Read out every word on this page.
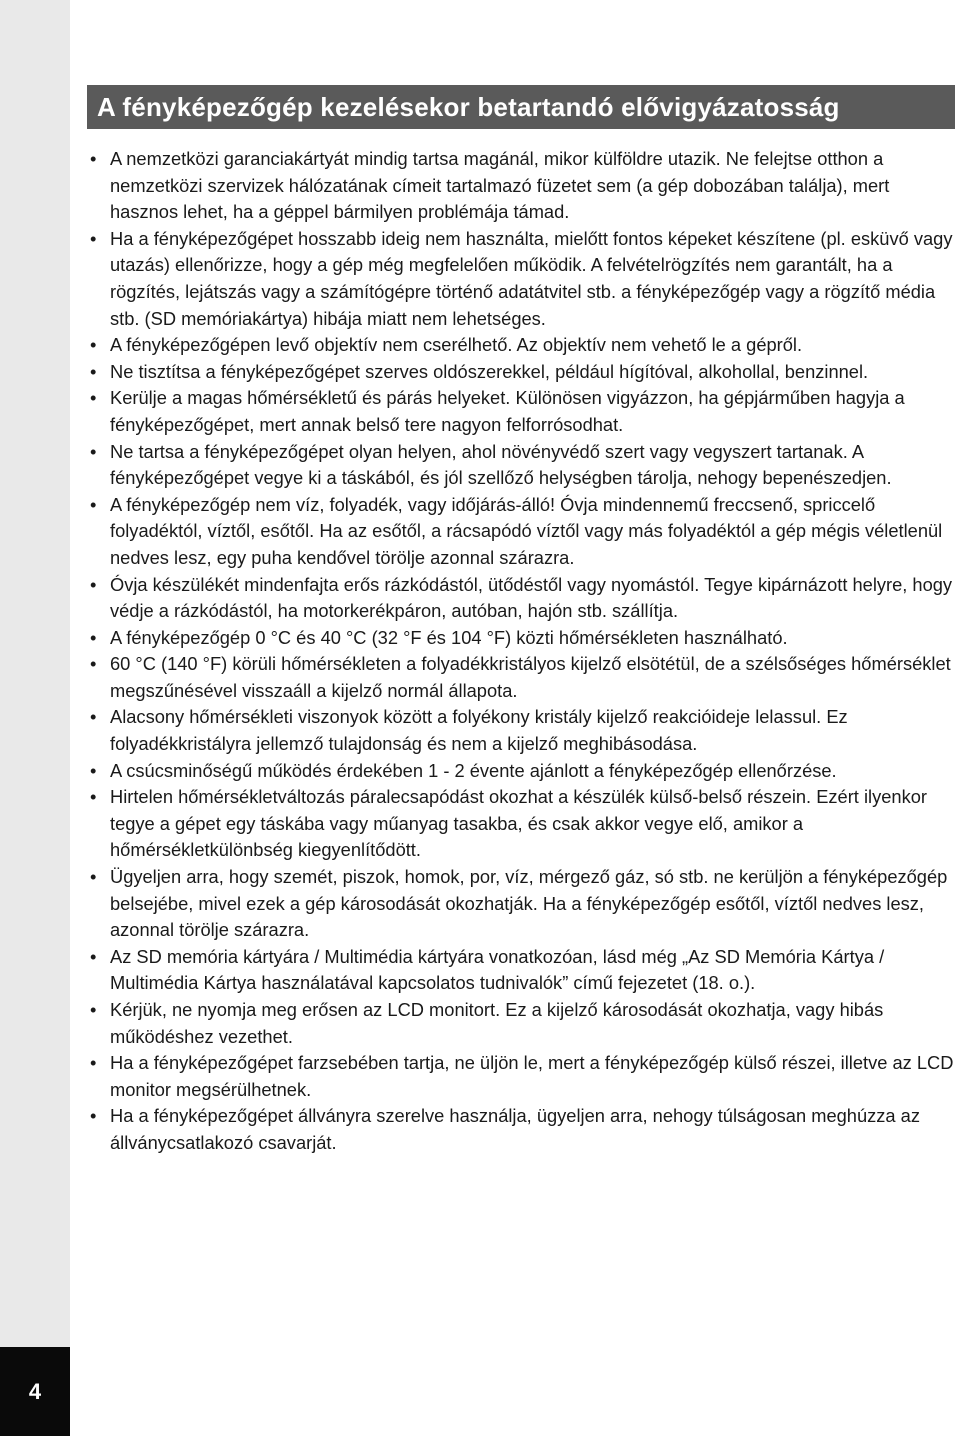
4
A fényképezőgép kezelésekor betartandó elővigyázatosság
• A nemzetközi garanciakártyát mindig tartsa magánál, mikor külföldre utazik. Ne felejtse otthon a nemzetközi szervizek hálózatának címeit tartalmazó füzetet sem (a gép dobozában találja), mert hasznos lehet, ha a géppel bármilyen problémája támad.
• Ha a fényképezőgépet hosszabb ideig nem használta, mielőtt fontos képeket készítene (pl. esküvő vagy utazás) ellenőrizze, hogy a gép még megfelelően működik. A felvételrögzítés nem garantált, ha a rögzítés, lejátszás vagy a számítógépre történő adatátvitel stb. a fényképezőgép vagy a rögzítő média stb. (SD memóriakártya) hibája miatt nem lehetséges.
• A fényképezőgépen levő objektív nem cserélhető. Az objektív nem vehető le a gépről.
• Ne tisztítsa a fényképezőgépet szerves oldószerekkel, például hígítóval, alkohollal, benzinnel.
• Kerülje a magas hőmérsékletű és párás helyeket. Különösen vigyázzon, ha gépjárműben hagyja a fényképezőgépet, mert annak belső tere nagyon felforrósodhat.
• Ne tartsa a fényképezőgépet olyan helyen, ahol növényvédő szert vagy vegyszert tartanak. A fényképezőgépet vegye ki a táskából, és jól szellőző helységben tárolja, nehogy bepenészedjen.
• A fényképezőgép nem víz, folyadék, vagy időjárás-álló! Óvja mindennemű freccsenő, spriccelő folyadéktól, víztől, esőtől. Ha az esőtől, a rácsapódó víztől vagy más folyadéktól a gép mégis véletlenül nedves lesz, egy puha kendővel törölje azonnal szárazra.
• Óvja készülékét mindenfajta erős rázkódástól, ütődéstől vagy nyomástól. Tegye kipárnázott helyre, hogy védje a rázkódástól, ha motorkerékpáron, autóban, hajón stb. szállítja.
• A fényképezőgép 0 °C és 40 °C (32 °F és 104 °F) közti hőmérsékleten használható.
• 60 °C (140 °F) körüli hőmérsékleten a folyadékkristályos kijelző elsötétül, de a szélsőséges hőmérséklet megszűnésével visszaáll a kijelző normál állapota.
• Alacsony hőmérsékleti viszonyok között a folyékony kristály kijelző reakcióideje lelassul. Ez folyadékkristályra jellemző tulajdonság és nem a kijelző meghibásodása.
• A csúcsminőségű működés érdekében 1 - 2 évente ajánlott a fényképezőgép ellenőrzése.
• Hirtelen hőmérsékletváltozás páralecsapódást okozhat a készülék külső-belső részein. Ezért ilyenkor tegye a gépet egy táskába vagy műanyag tasakba, és csak akkor vegye elő, amikor a hőmérsékletkülönbség kiegyenlítődött.
• Ügyeljen arra, hogy szemét, piszok, homok, por, víz, mérgező gáz, só stb. ne kerüljön a fényképezőgép belsejébe, mivel ezek a gép károsodását okozhatják. Ha a fényképezőgép esőtől, víztől nedves lesz, azonnal törölje szárazra.
• Az SD memória kártyára / Multimédia kártyára vonatkozóan, lásd még „Az SD Memória Kártya / Multimédia Kártya használatával kapcsolatos tudnivalók” című fejezetet (18. o.).
• Kérjük, ne nyomja meg erősen az LCD monitort. Ez a kijelző károsodását okozhatja, vagy hibás működéshez vezethet.
• Ha a fényképezőgépet farzsebében tartja, ne üljön le, mert a fényképezőgép külső részei, illetve az LCD monitor megsérülhetnek.
• Ha a fényképezőgépet állványra szerelve használja, ügyeljen arra, nehogy túlságosan meghúzza az állványcsatlakozó csavarját.
